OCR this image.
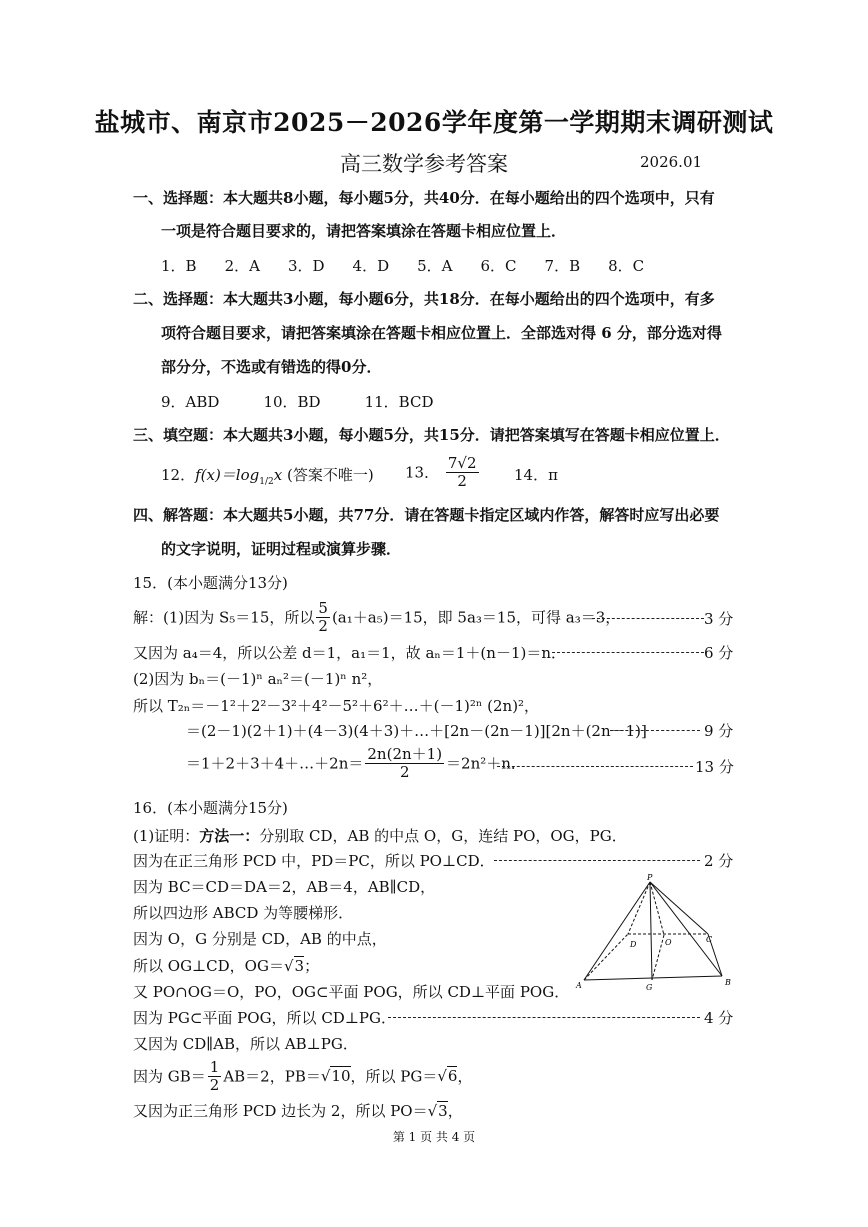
盐城市、南京市2025－2026学年度第一学期期末调研测试
高三数学参考答案	2026.01
一、选择题：本大题共8小题，每小题5分，共40分．在每小题给出的四个选项中，只有
一项是符合题目要求的，请把答案填涂在答题卡相应位置上．
1．B 2．A 3．D 4．D 5．A 6．C 7．B 8．C
二、选择题：本大题共3小题，每小题6分，共18分．在每小题给出的四个选项中，有多
项符合题目要求，请把答案填涂在答题卡相应位置上．全部选对得 6 分，部分选对得
部分分，不选或有错选的得0分．
9．ABD	10．BD	11．BCD
三、填空题：本大题共3小题，每小题5分，共15分．请把答案填写在答题卡相应位置上．
12．$f(x)=\log_{1/2}x$ (答案不唯一) 13． $\frac{7√2}{2} 14$．π
四、解答题：本大题共5小题，共77分．请在答题卡指定区域内作答，解答时应写出必要
的文字说明，证明过程或演算步骤．
15．(本小题满分13分)
解：(1)因为 S₅＝15，所以 $\frac{5}{2} (a_1+a_5)=15$，即 5a₃＝15，可得 a₃＝3，	3 分
又因为 a₄＝4，所以公差 d＝1，a₁＝1，故 aₙ＝1＋(n－1)＝n．	6 分
(2)因为 bₙ＝(－1)ⁿ aₙ²＝(－1)ⁿ n²，
所以 T₂ₙ＝－1²＋2²－3²＋4²－5²＋6²＋…＋(－1)²ⁿ (2n)²，
＝(2－1)(2＋1)＋(4－3)(4＋3)＋…＋[2n－(2n－1)][2n＋(2n－1)]	9 分
＝1＋2＋3＋4＋…＋2n＝ $\frac{2n(2n+1)}{2} =2n^2+n$．	13 分
16．(本小题满分15分)
(1)证明：方法一：分别取 CD，AB 的中点 O，G，连结 PO，OG，PG．
因为在正三角形 PCD 中，PD＝PC，所以 PO⊥CD．	2 分
因为 BC＝CD＝DA＝2，AB＝4，AB∥CD，
所以四边形 ABCD 为等腰梯形．
因为 O，G 分别是 CD，AB 的中点，
所以 OG⊥CD，OG＝√3；
又 PO∩OG＝O，PO，OG⊂平面 POG，所以 CD⊥平面 POG．
因为 PG⊂平面 POG，所以 CD⊥PG．	4 分
又因为 CD∥AB，所以 AB⊥PG．
因为 $GB= \frac{1}{2} AB=2$，PB＝√10，所以 PG＝√6，
又因为正三角形 PCD 边长为 2，所以 PO＝√3，
P
D	O	C
A	G
B
第 1 页 共 4 页
